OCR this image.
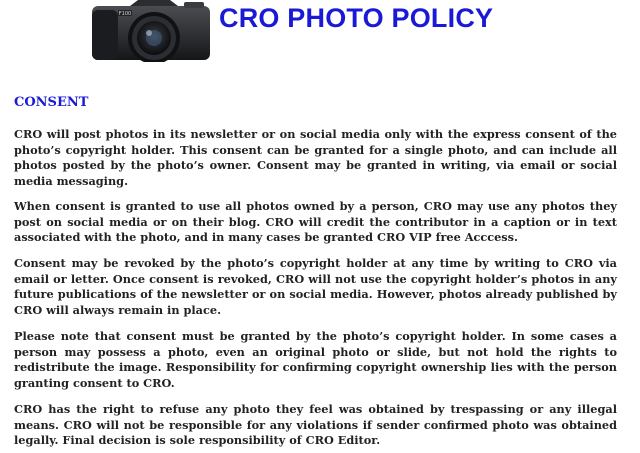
F100	CRO PHOTO POLICY
CONSENT

CRO will post photos in its newsletter or on social media only with the express consent of the photo’s copyright holder. This consent can be granted for a single photo, and can include all photos posted by the photo’s owner. Consent may be granted in writing, via email or social media messaging.

When consent is granted to use all photos owned by a person, CRO may use any photos they post on social media or on their blog. CRO will credit the contributor in a caption or in text associated with the photo, and in many cases be granted CRO VIP free Acccess.

Consent may be revoked by the photo’s copyright holder at any time by writing to CRO via email or letter. Once consent is revoked, CRO will not use the copyright holder’s photos in any future publications of the newsletter or on social media. However, photos already published by CRO will always remain in place.

Please note that consent must be granted by the photo’s copyright holder. In some cases a person may possess a photo, even an original photo or slide, but not hold the rights to redistribute the image. Responsibility for confirming copyright ownership lies with the person granting consent to CRO.

CRO has the right to refuse any photo they feel was obtained by trespassing or any illegal means. CRO will not be responsible for any violations if sender confirmed photo was obtained legally. Final decision is sole responsibility of CRO Editor.
